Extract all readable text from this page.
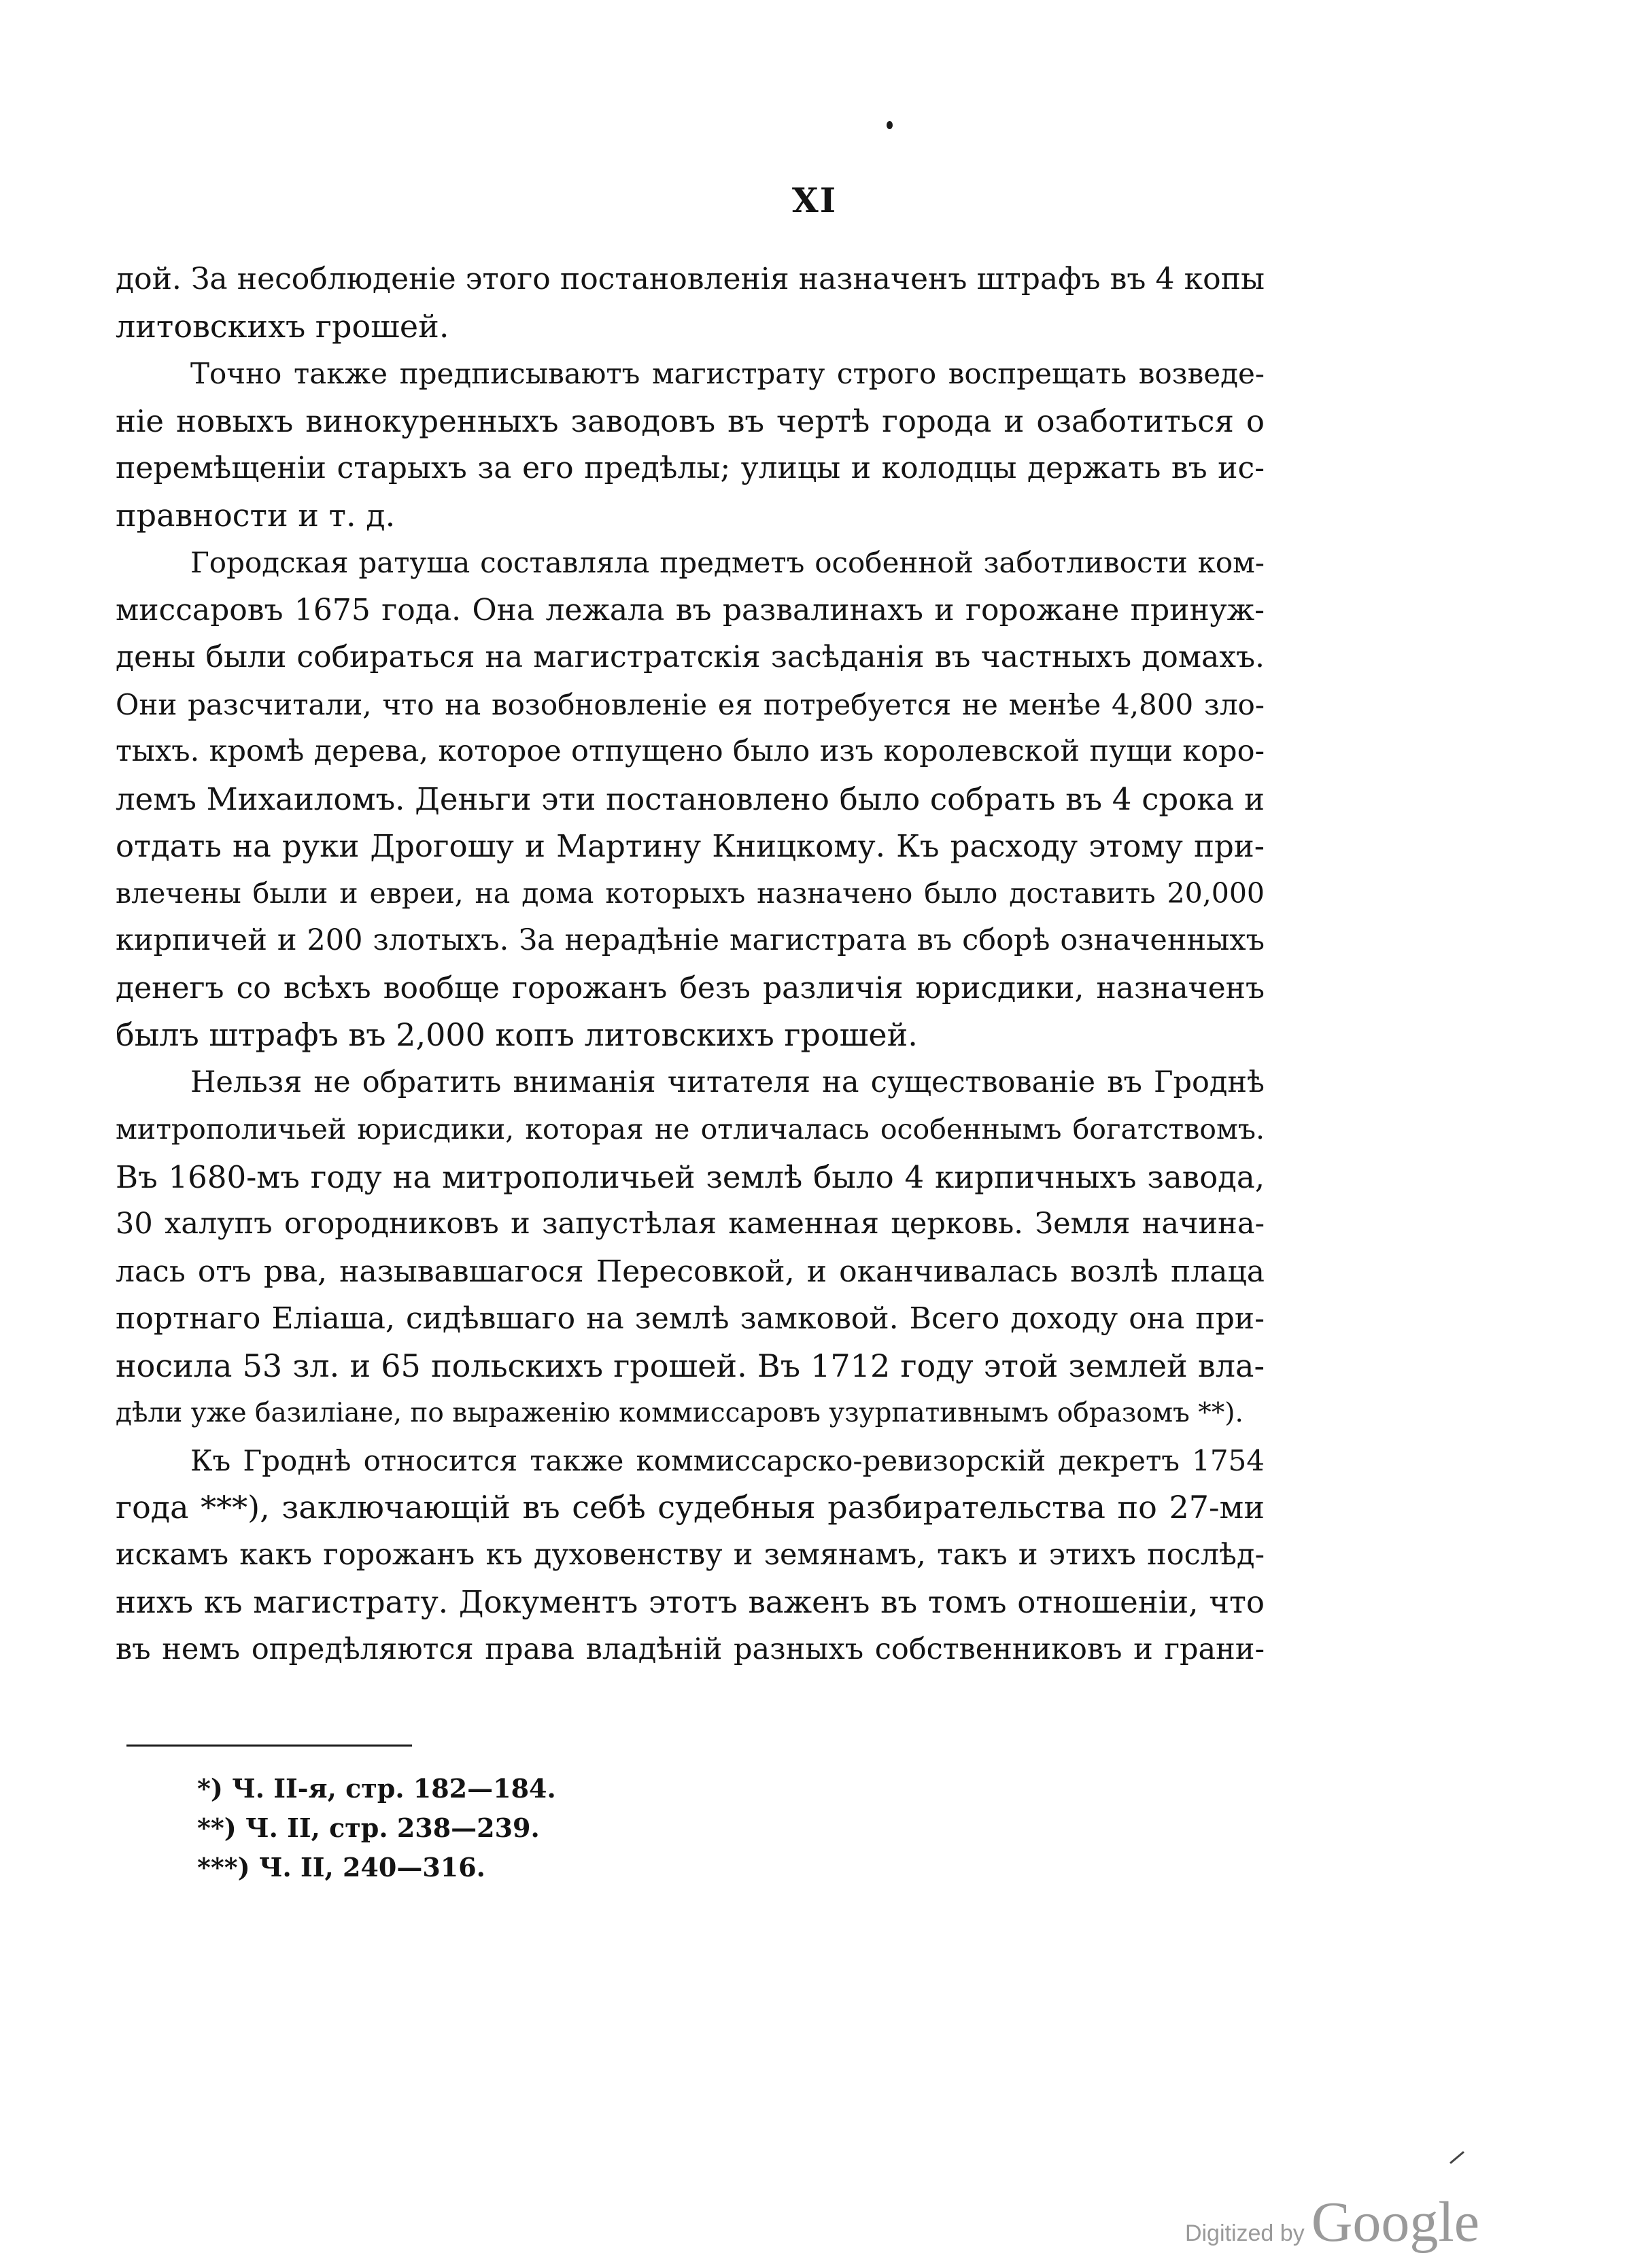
XI
дой. За несоблюденіе этого постановленія назначенъ штрафъ въ 4 копы
литовскихъ грошей.
Точно также предписываютъ магистрату строго воспрещать возведе-
ніе новыхъ винокуренныхъ заводовъ въ чертѣ города и озаботиться о
перемѣщеніи старыхъ за его предѣлы; улицы и колодцы держать въ ис-
правности и т. д.
Городская ратуша составляла предметъ особенной заботливости ком-
миссаровъ 1675 года. Она лежала въ развалинахъ и горожане принуж-
дены были собираться на магистратскія засѣданія въ частныхъ домахъ.
Они разсчитали, что на возобновленіе ея потребуется не менѣе 4,800 зло-
тыхъ. кромѣ дерева, которое отпущено было изъ королевской пущи коро-
лемъ Михаиломъ. Деньги эти постановлено было собрать въ 4 срока и
отдать на руки Дрогошу и Мартину Кницкому. Къ расходу этому при-
влечены были и евреи, на дома которыхъ назначено было доставить 20,000
кирпичей и 200 злотыхъ. За нерадѣніе магистрата въ сборѣ означенныхъ
денегъ со всѣхъ вообще горожанъ безъ различія юрисдики, назначенъ
былъ штрафъ въ 2,000 копъ литовскихъ грошей.
Нельзя не обратить вниманія читателя на существованіе въ Гроднѣ
митрополичьей юрисдики, которая не отличалась особеннымъ богатствомъ.
Въ 1680-мъ году на митрополичьей землѣ было 4 кирпичныхъ завода,
30 халупъ огородниковъ и запустѣлая каменная церковь. Земля начина-
лась отъ рва, называвшагося Пересовкой, и оканчивалась возлѣ плаца
портнаго Еліаша, сидѣвшаго на землѣ замковой. Всего доходу она при-
носила 53 зл. и 65 польскихъ грошей. Въ 1712 году этой землей вла-
дѣли уже базиліане, по выраженію коммиссаровъ узурпативнымъ образомъ **).
Къ Гроднѣ относится также коммиссарско-ревизорскій декретъ 1754
года ***), заключающій въ себѣ судебныя разбирательства по 27-ми
искамъ какъ горожанъ къ духовенству и земянамъ, такъ и этихъ послѣд-
нихъ къ магистрату. Документъ этотъ важенъ въ томъ отношеніи, что
въ немъ опредѣляются права владѣній разныхъ собственниковъ и грани-
*) Ч. II-я, стр. 182—184.
**) Ч. II, стр. 238—239.
***) Ч. II, 240—316.
Digitized by Google
